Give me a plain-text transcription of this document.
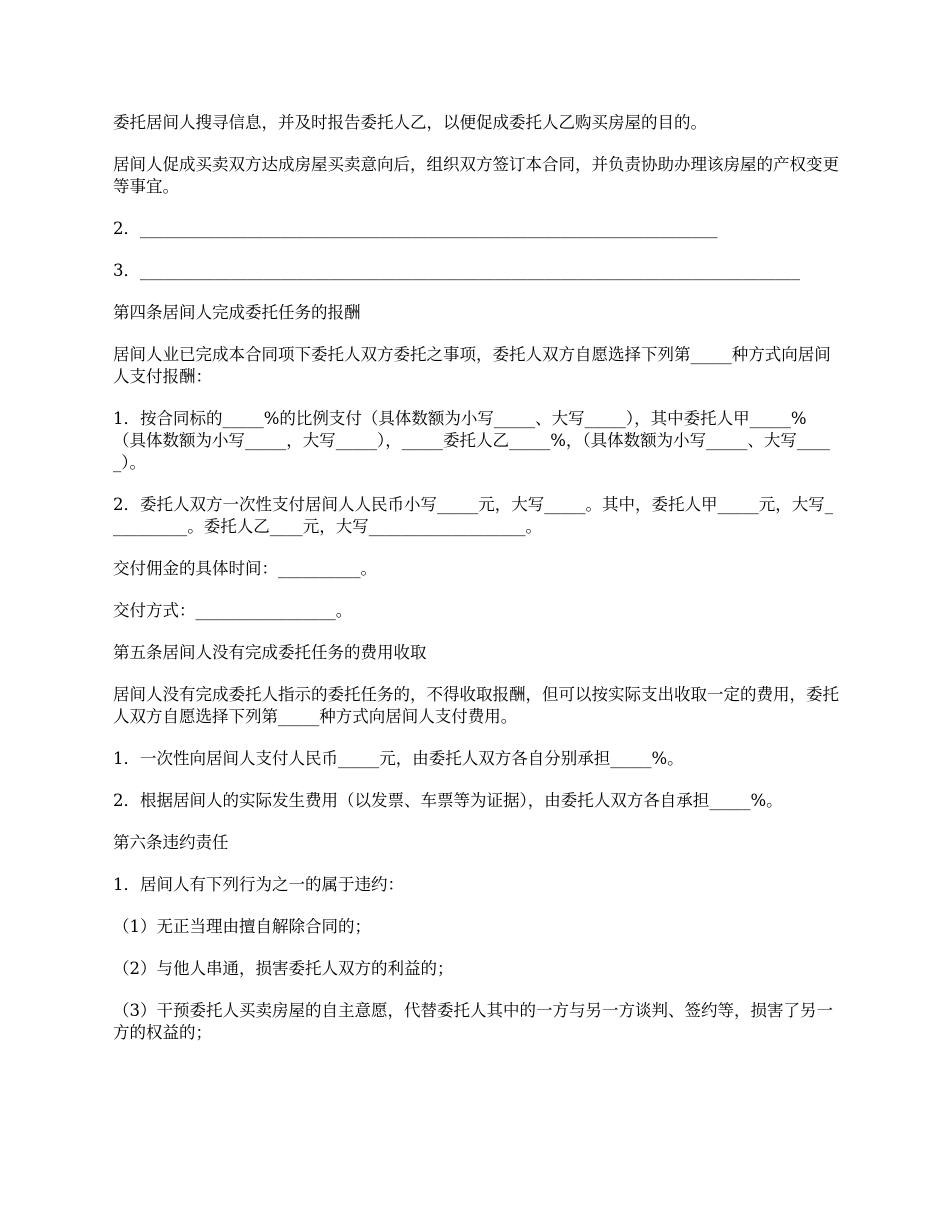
委托居间人搜寻信息，并及时报告委托人乙，以便促成委托人乙购买房屋的目的。

居间人促成买卖双方达成房屋买卖意向后，组织双方签订本合同，并负责协助办理该房屋的产权变更等事宜。

2．______________________________________________________________________

3．________________________________________________________________________________

第四条居间人完成委托任务的报酬

居间人业已完成本合同项下委托人双方委托之事项，委托人双方自愿选择下列第_____种方式向居间人支付报酬：

1．按合同标的_____%的比例支付（具体数额为小写_____、大写_____），其中委托人甲_____%（具体数额为小写_____，大写_____），_____委托人乙_____%，（具体数额为小写_____、大写_____）。

2．委托人双方一次性支付居间人人民币小写_____元，大写_____。其中，委托人甲_____元，大写__________。委托人乙____元，大写___________________。

交付佣金的具体时间：__________。

交付方式：_________________。

第五条居间人没有完成委托任务的费用收取

居间人没有完成委托人指示的委托任务的，不得收取报酬，但可以按实际支出收取一定的费用，委托人双方自愿选择下列第_____种方式向居间人支付费用。

1．一次性向居间人支付人民币_____元，由委托人双方各自分别承担_____%。

2．根据居间人的实际发生费用（以发票、车票等为证据），由委托人双方各自承担_____%。

第六条违约责任

1．居间人有下列行为之一的属于违约：

（1）无正当理由擅自解除合同的；

（2）与他人串通，损害委托人双方的利益的；

（3）干预委托人买卖房屋的自主意愿，代替委托人其中的一方与另一方谈判、签约等，损害了另一方的权益的；
